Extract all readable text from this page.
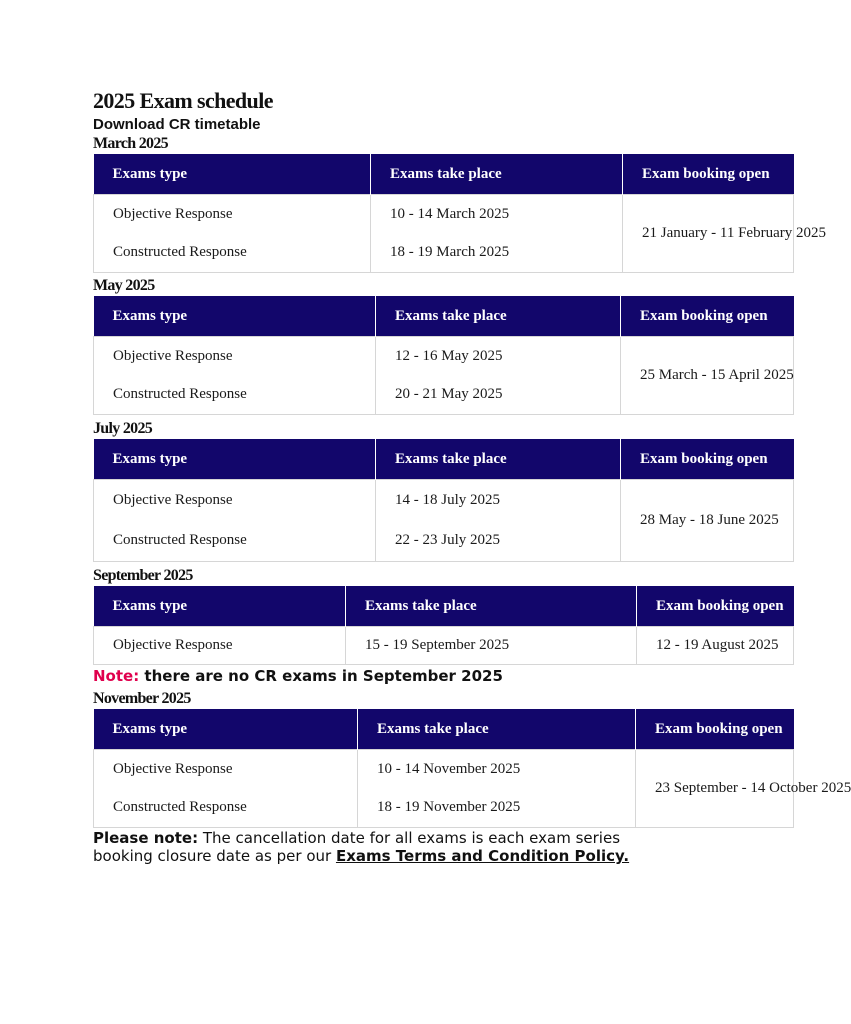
2025 Exam schedule
Download CR timetable
March 2025
Exams type	Exams take place	Exam booking open
Objective Response	10 - 14 March 2025	21 January - 11 February 2025
Constructed Response	18 - 19 March 2025	
May 2025
Exams type	Exams take place	Exam booking open
Objective Response	12 - 16 May 2025	25 March - 15 April 2025
Constructed Response	20 - 21 May 2025	
July 2025
Exams type	Exams take place	Exam booking open
Objective Response	14 - 18 July 2025	28 May - 18 June 2025
Constructed Response	22 - 23 July 2025	
September 2025
Exams type	Exams take place	Exam booking open
Objective Response	15 - 19 September 2025	12 - 19 August 2025

Note: there are no CR exams in September 2025

November 2025
Exams type	Exams take place	Exam booking open
Objective Response	10 - 14 November 2025	23 September - 14 October 2025
Constructed Response	18 - 19 November 2025	
Please note: The cancellation date for all exams is each exam series booking closure date as per our Exams Terms and Condition Policy.
